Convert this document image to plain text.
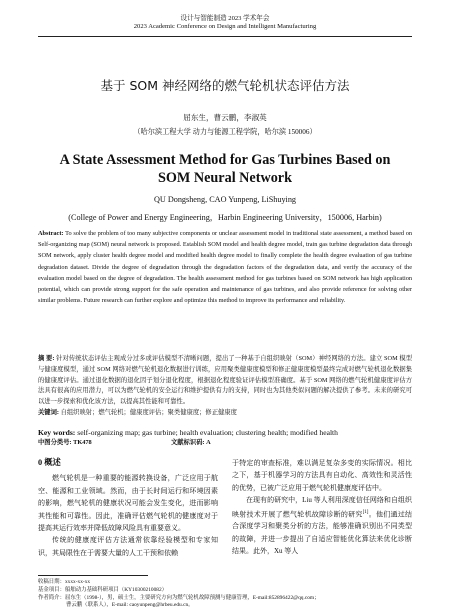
设计与智能制造 2023 学术年会
2023 Academic Conference on Design and Intelligent Manufacturing
基于 SOM 神经网络的燃气轮机状态评估方法
屈东生，曹云鹏，李淑英
（哈尔滨工程大学 动力与能源工程学院，哈尔滨 150006）
A State Assessment Method for Gas Turbines Based on
SOM Neural Network
QU Dongsheng, CAO Yunpeng, LiShuying
(College of Power and Energy Engineering，Harbin Engineering University，150006, Harbin)
Abstract: To solve the problem of too many subjective components or unclear assessment model in traditional state assessment, a method based on Self-organizing map (SOM) neural network is proposed. Establish SOM model and health degree model, train gas turbine degradation data through SOM network, apply cluster health degree model and modified health degree model to finally complete the health degree evaluation of gas turbine degradation dataset. Divide the degree of degradation through the degradation factors of the degradation data, and verify the accuracy of the evaluation model based on the degree of degradation. The health assessment method for gas turbines based on SOM network has high application potential, which can provide strong support for the safe operation and maintenance of gas turbines, and also provide reference for solving other similar problems. Future research can further explore and optimize this method to improve its performance and reliability.
摘 要: 针对传统状态评估主观成分过多或评估模型不清晰问题，提出了一种基于自组织映射（SOM）神经网络的方法。建立 SOM 模型与健康度模型，通过 SOM 网络对燃气轮机退化数据进行训练，应用聚类健康度模型和修正健康度模型最终完成对燃气轮机退化数据集的健康度评估。通过退化数据的退化因子划分退化程度，根据退化程度验证评估模型准确度。基于 SOM 网络的燃气轮机健康度评估方法具有很高的应用潜力，可以为燃气轮机的安全运行和维护提供有力的支持，同时也为其他类似问题的解决提供了参考。未来的研究可以进一步探索和优化该方法，以提高其性能和可靠性。
关键词: 自组织映射；燃气轮机；健康度评估；聚类健康度；修正健康度
Key words: self-organizing map; gas turbine; health evaluation; clustering health; modified health
中图分类号: TK478	文献标识码: A
0 概述

燃气轮机是一种重要的能源转换设备，广泛应用于航空、能源和工业领域。然而，由于长时间运行和环境因素的影响，燃气轮机的健康状况可能会发生变化，进而影响其性能和可靠性。因此，准确评估燃气轮机的健康度对于提高其运行效率并降低故障风险具有重要意义。

传统的健康度评估方法通常依靠经验模型和专家知识，其局限性在于需要大量的人工干预和依赖

于特定的审查标准，难以满足复杂多变的实际情况。相比之下，基于机器学习的方法具有自动化、高效性和灵活性的优势，已被广泛应用于燃气轮机健康度评估中。

在现有的研究中，Liu 等人利用深度信任网络和自组织映射技术开展了燃气轮机故障诊断的研究[1]。他们通过结合深度学习和聚类分析的方法，能够准确识别出不同类型的故障，并进一步提出了自适应智能优化算法来优化诊断结果。此外，Xu 等人

收稿日期：xxxx-xx-xx
基金项目：船舶动力基础科研项目（KY10300210082）
作者简介：屈东生（1998-），男，硕士生，主要研究方向为燃气轮机故障预测与健康管理，E-mail:852896422@qq.com；
曹云鹏（联系人），E-mail: caoyunpeng@hrbeu.edu.cn。
